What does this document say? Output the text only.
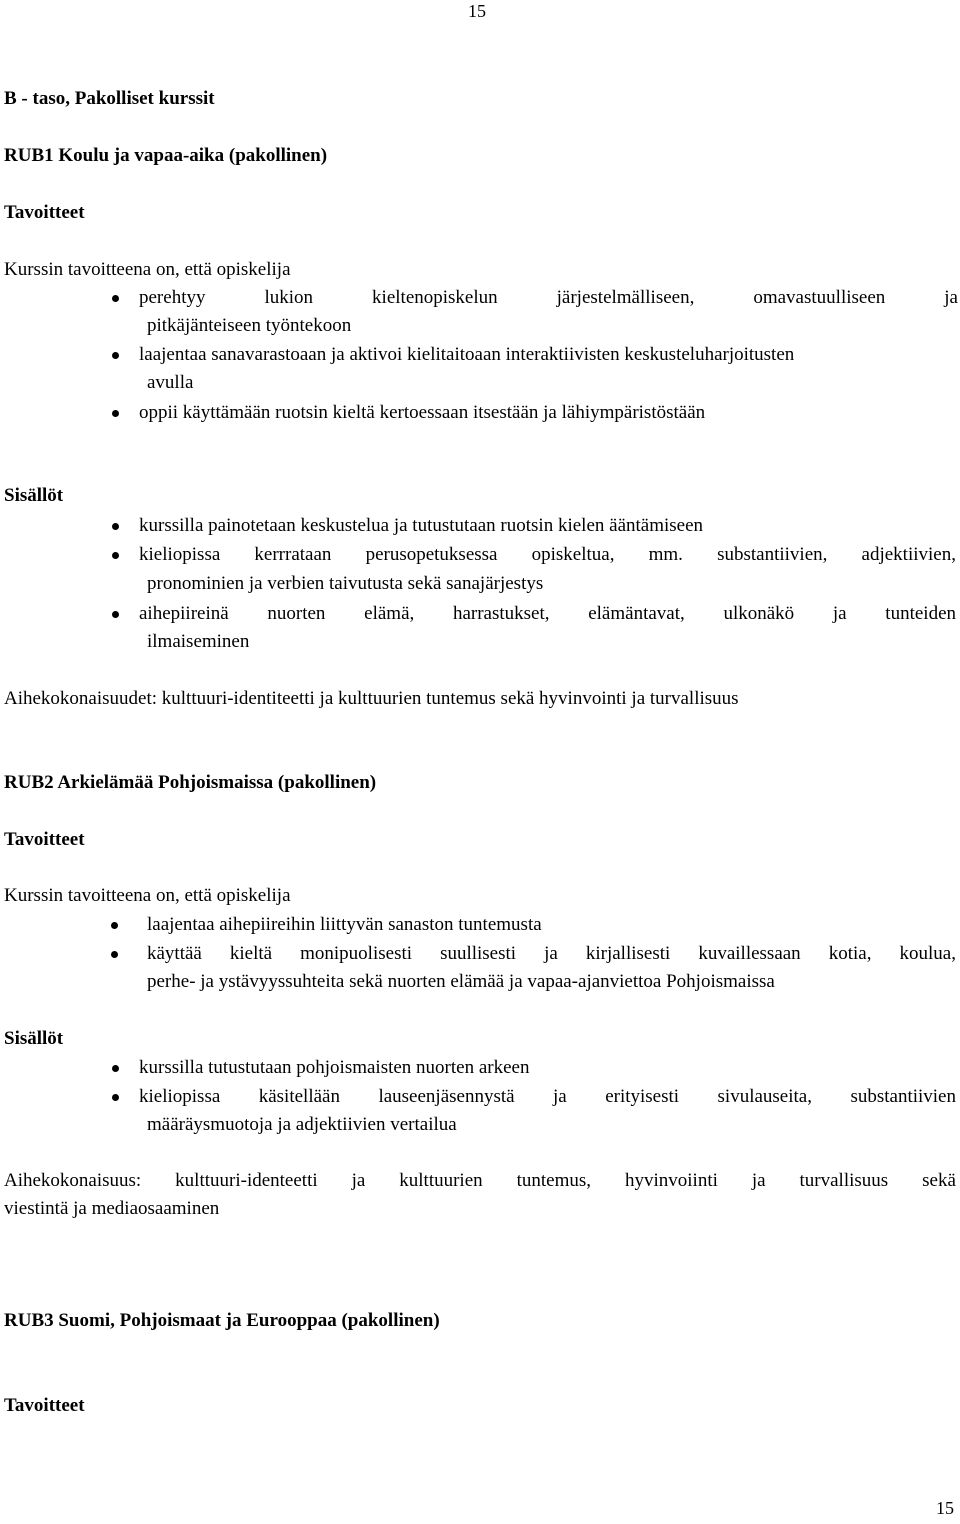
15
B - taso, Pakolliset kurssit
RUB1 Koulu ja vapaa-aika (pakollinen)
Tavoitteet
Kurssin tavoitteena on, että opiskelija
perehtyy	lukion	kieltenopiskelun	järjestelmälliseen,	omavastuulliseen	ja
pitkäjänteiseen työntekoon
laajentaa sanavarastoaan ja aktivoi kielitaitoaan interaktiivisten keskusteluharjoitusten
avulla
oppii käyttämään ruotsin kieltä kertoessaan itsestään ja lähiympäristöstään
Sisällöt
kurssilla painotetaan keskustelua ja tutustutaan ruotsin kielen ääntämiseen
kieliopissa kerrrataan perusopetuksessa opiskeltua, mm. substantiivien, adjektiivien,
pronominien ja verbien taivutusta sekä sanajärjestys
aihepiireinä nuorten elämä, harrastukset, elämäntavat, ulkonäkö ja tunteiden
ilmaiseminen
Aihekokonaisuudet: kulttuuri-identiteetti ja kulttuurien tuntemus sekä hyvinvointi ja turvallisuus
RUB2 Arkielämää Pohjoismaissa (pakollinen)
Tavoitteet
Kurssin tavoitteena on, että opiskelija
laajentaa aihepiireihin liittyvän sanaston tuntemusta
käyttää kieltä monipuolisesti suullisesti ja kirjallisesti kuvaillessaan kotia, koulua,
perhe- ja ystävyyssuhteita sekä nuorten elämää ja vapaa-ajanviettoa Pohjoismaissa
Sisällöt
kurssilla tutustutaan pohjoismaisten nuorten arkeen
kieliopissa käsitellään lauseenjäsennystä ja erityisesti sivulauseita, substantiivien
määräysmuotoja ja adjektiivien vertailua
Aihekokonaisuus: kulttuuri-identeetti ja kulttuurien tuntemus, hyvinvoiinti ja turvallisuus sekä
viestintä ja mediaosaaminen
RUB3 Suomi, Pohjoismaat ja Eurooppaa (pakollinen)
Tavoitteet
15
